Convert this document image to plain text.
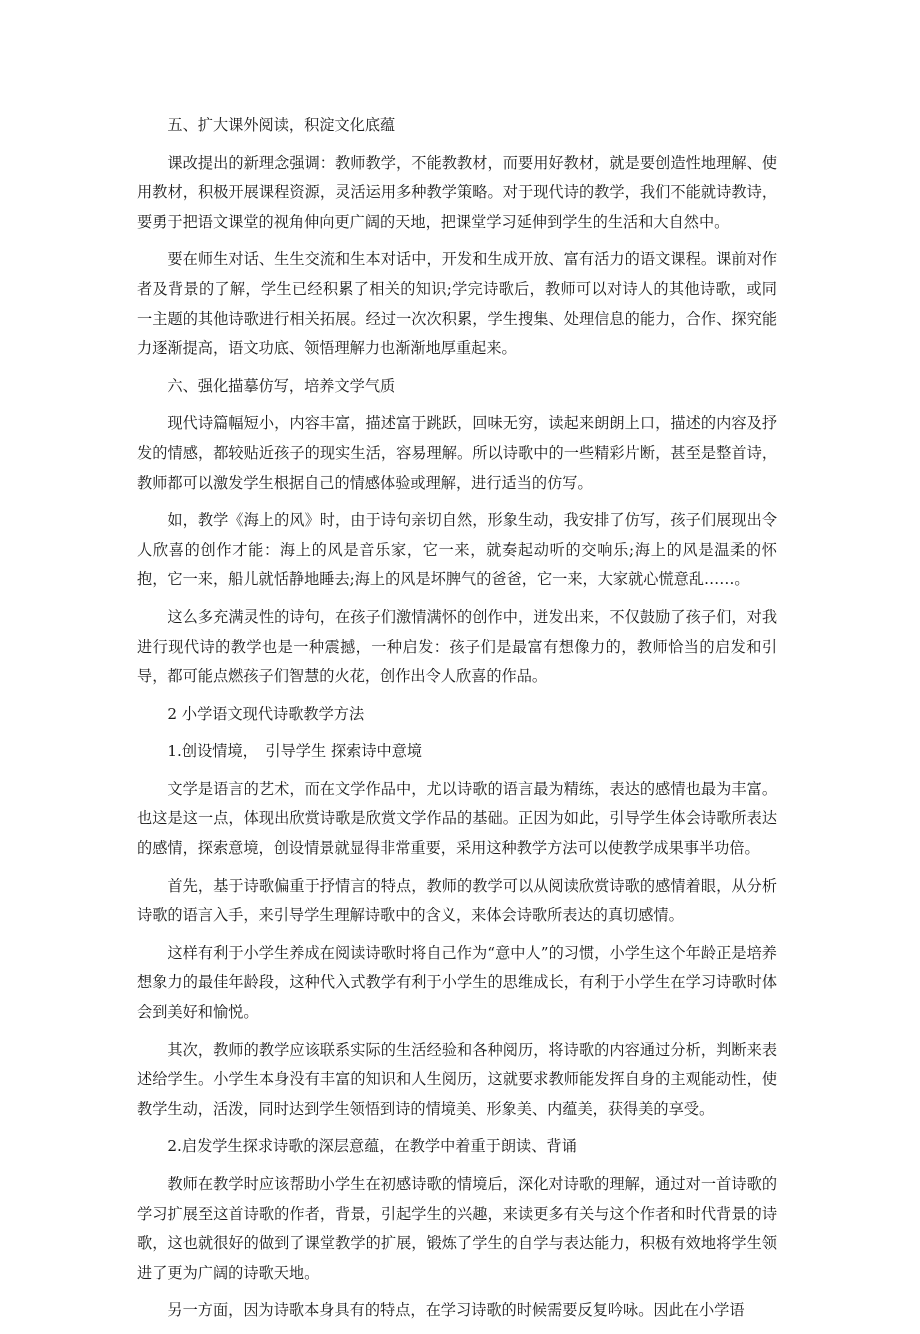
五、扩大课外阅读，积淀文化底蕴

课改提出的新理念强调：教师教学，不能教教材，而要用好教材，就是要创造性地理解、使用教材，积极开展课程资源，灵活运用多种教学策略。对于现代诗的教学，我们不能就诗教诗，要勇于把语文课堂的视角伸向更广阔的天地，把课堂学习延伸到学生的生活和大自然中。

要在师生对话、生生交流和生本对话中，开发和生成开放、富有活力的语文课程。课前对作者及背景的了解，学生已经积累了相关的知识;学完诗歌后，教师可以对诗人的其他诗歌，或同一主题的其他诗歌进行相关拓展。经过一次次积累，学生搜集、处理信息的能力，合作、探究能力逐渐提高，语文功底、领悟理解力也渐渐地厚重起来。

六、强化描摹仿写，培养文学气质

现代诗篇幅短小，内容丰富，描述富于跳跃，回味无穷，读起来朗朗上口，描述的内容及抒发的情感，都较贴近孩子的现实生活，容易理解。所以诗歌中的一些精彩片断，甚至是整首诗，教师都可以激发学生根据自己的情感体验或理解，进行适当的仿写。

如，教学《海上的风》时，由于诗句亲切自然，形象生动，我安排了仿写，孩子们展现出令人欣喜的创作才能：海上的风是音乐家，它一来，就奏起动听的交响乐;海上的风是温柔的怀抱，它一来，船儿就恬静地睡去;海上的风是坏脾气的爸爸，它一来，大家就心慌意乱……。

这么多充满灵性的诗句，在孩子们激情满怀的创作中，迸发出来，不仅鼓励了孩子们，对我进行现代诗的教学也是一种震撼，一种启发：孩子们是最富有想像力的，教师恰当的启发和引导，都可能点燃孩子们智慧的火花，创作出令人欣喜的作品。

2 小学语文现代诗歌教学方法

1.创设情境，　引导学生 探索诗中意境

文学是语言的艺术，而在文学作品中，尤以诗歌的语言最为精练，表达的感情也最为丰富。也这是这一点，体现出欣赏诗歌是欣赏文学作品的基础。正因为如此，引导学生体会诗歌所表达的感情，探索意境，创设情景就显得非常重要，采用这种教学方法可以使教学成果事半功倍。

首先，基于诗歌偏重于抒情言的特点，教师的教学可以从阅读欣赏诗歌的感情着眼，从分析诗歌的语言入手，来引导学生理解诗歌中的含义，来体会诗歌所表达的真切感情。

这样有利于小学生养成在阅读诗歌时将自己作为“意中人”的习惯，小学生这个年龄正是培养想象力的最佳年龄段，这种代入式教学有利于小学生的思维成长，有利于小学生在学习诗歌时体会到美好和愉悦。

其次，教师的教学应该联系实际的生活经验和各种阅历，将诗歌的内容通过分析，判断来表述给学生。小学生本身没有丰富的知识和人生阅历，这就要求教师能发挥自身的主观能动性，使教学生动，活泼，同时达到学生领悟到诗的情境美、形象美、内蕴美，获得美的享受。

2.启发学生探求诗歌的深层意蕴，在教学中着重于朗读、背诵

教师在教学时应该帮助小学生在初感诗歌的情境后，深化对诗歌的理解，通过对一首诗歌的学习扩展至这首诗歌的作者，背景，引起学生的兴趣，来读更多有关与这个作者和时代背景的诗歌，这也就很好的做到了课堂教学的扩展，锻炼了学生的自学与表达能力，积极有效地将学生领进了更为广阔的诗歌天地。

另一方面，因为诗歌本身具有的特点，在学习诗歌的时候需要反复吟咏。因此在小学语
